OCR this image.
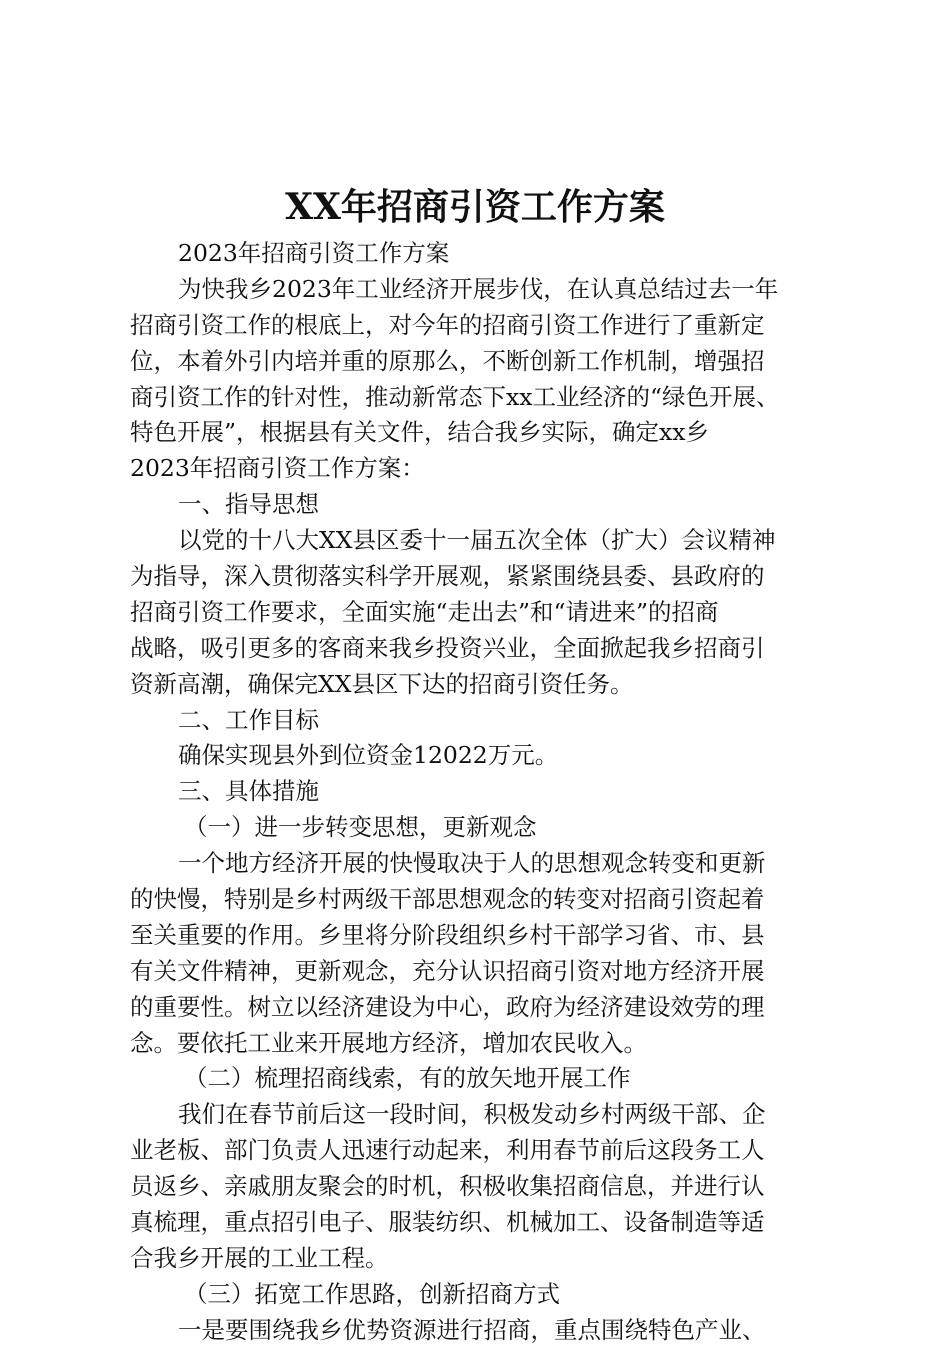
XX年招商引资工作方案
2023年招商引资工作方案
为快我乡2023年工业经济开展步伐，在认真总结过去一年
招商引资工作的根底上，对今年的招商引资工作进行了重新定
位，本着外引内培并重的原那么，不断创新工作机制，增强招
商引资工作的针对性，推动新常态下xx工业经济的“绿色开展、
特色开展”，根据县有关文件，结合我乡实际，确定xx乡
2023年招商引资工作方案：
一、指导思想
以党的十八大XX县区委十一届五次全体（扩大）会议精神
为指导，深入贯彻落实科学开展观，紧紧围绕县委、县政府的
招商引资工作要求，全面实施“走出去”和“请进来”的招商
战略，吸引更多的客商来我乡投资兴业，全面掀起我乡招商引
资新高潮，确保完XX县区下达的招商引资任务。
二、工作目标
确保实现县外到位资金12022万元。
三、具体措施
（一）进一步转变思想，更新观念
一个地方经济开展的快慢取决于人的思想观念转变和更新
的快慢，特别是乡村两级干部思想观念的转变对招商引资起着
至关重要的作用。乡里将分阶段组织乡村干部学习省、市、县
有关文件精神，更新观念，充分认识招商引资对地方经济开展
的重要性。树立以经济建设为中心，政府为经济建设效劳的理
念。要依托工业来开展地方经济，增加农民收入。
（二）梳理招商线索，有的放矢地开展工作
我们在春节前后这一段时间，积极发动乡村两级干部、企
业老板、部门负责人迅速行动起来，利用春节前后这段务工人
员返乡、亲戚朋友聚会的时机，积极收集招商信息，并进行认
真梳理，重点招引电子、服装纺织、机械加工、设备制造等适
合我乡开展的工业工程。
（三）拓宽工作思路，创新招商方式
一是要围绕我乡优势资源进行招商，重点围绕特色产业、
